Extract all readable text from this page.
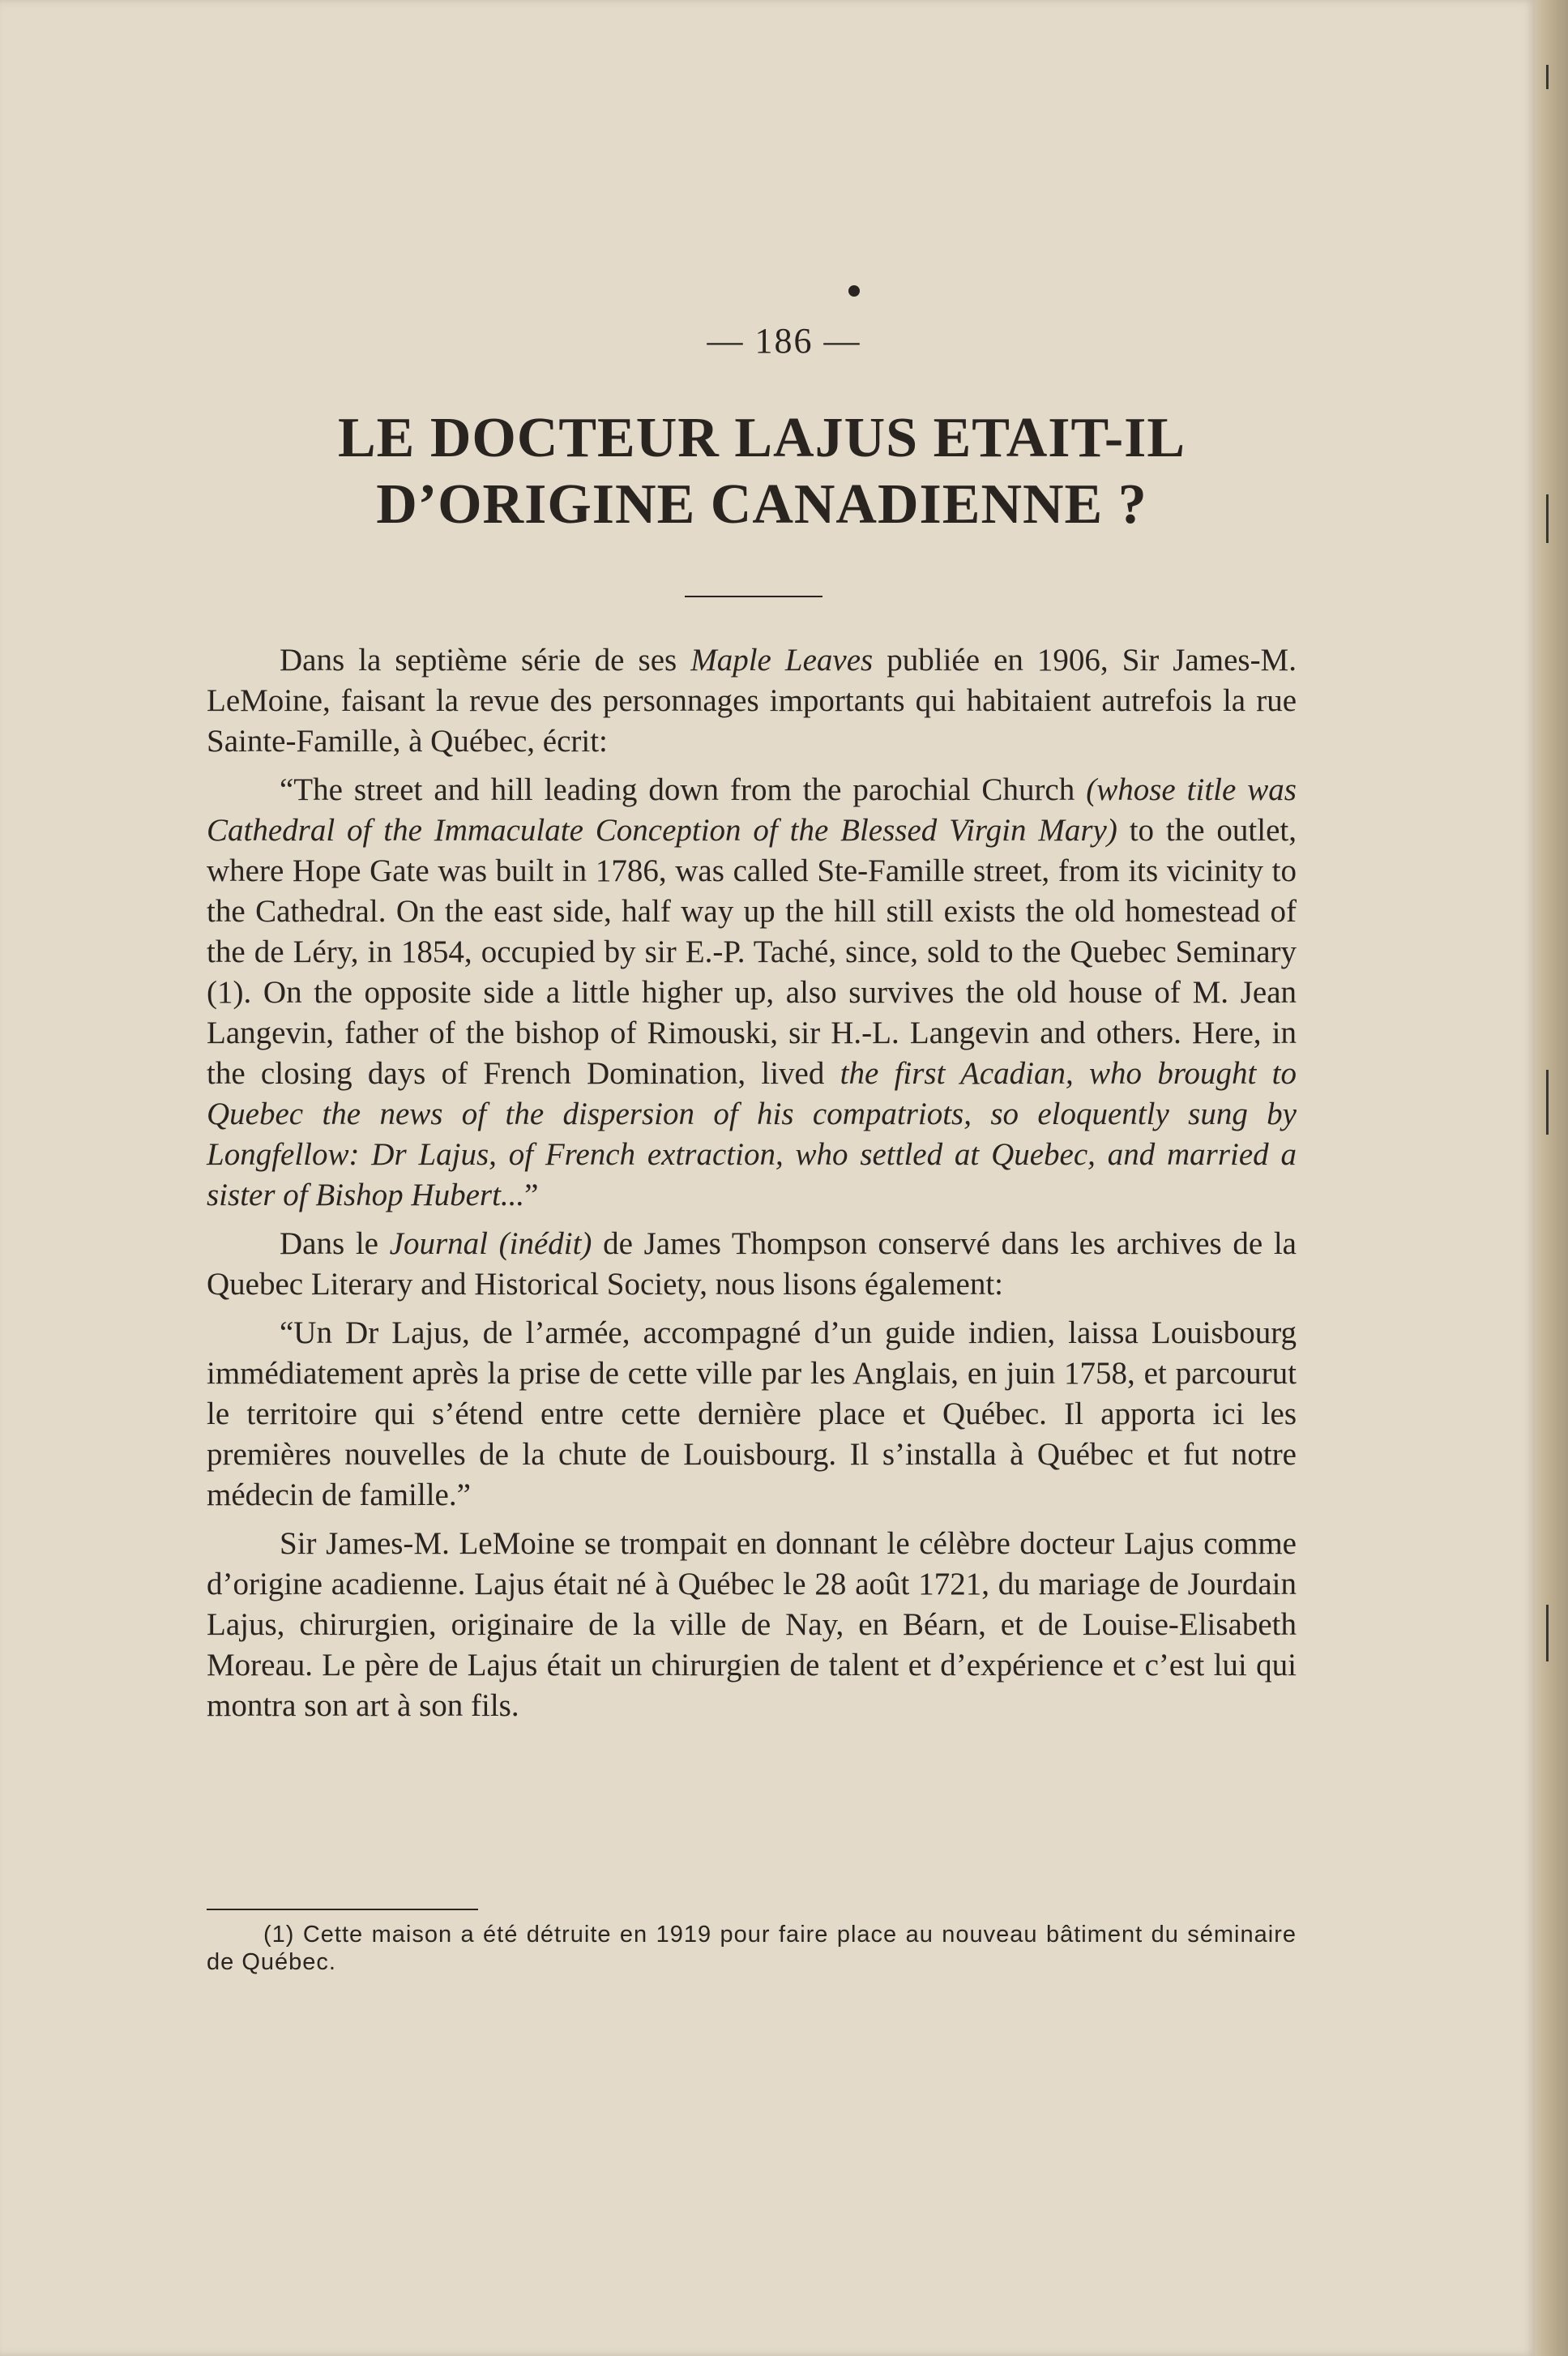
— 186 —
LE DOCTEUR LAJUS ETAIT-IL D’ORIGINE CANADIENNE ?

Dans la septième série de ses Maple Leaves publiée en 1906, Sir James-M. LeMoine, faisant la revue des personnages importants qui habitaient autrefois la rue Sainte-Famille, à Québec, écrit:

“The street and hill leading down from the parochial Church (whose title was Cathedral of the Immaculate Conception of the Blessed Virgin Mary) to the outlet, where Hope Gate was built in 1786, was called Ste-Famille street, from its vicinity to the Cathedral. On the east side, half way up the hill still exists the old homestead of the de Léry, in 1854, occupied by sir E.-P. Taché, since, sold to the Quebec Seminary (1). On the opposite side a little higher up, also survives the old house of M. Jean Langevin, father of the bishop of Rimouski, sir H.-L. Langevin and others. Here, in the closing days of French Domination, lived the first Acadian, who brought to Quebec the news of the dispersion of his compatriots, so eloquently sung by Longfellow: Dr Lajus, of French extraction, who settled at Quebec, and married a sister of Bishop Hubert...”

Dans le Journal (inédit) de James Thompson conservé dans les archives de la Quebec Literary and Historical Society, nous lisons également:

“Un Dr Lajus, de l’armée, accompagné d’un guide indien, laissa Louisbourg immédiatement après la prise de cette ville par les Anglais, en juin 1758, et parcourut le territoire qui s’étend entre cette dernière place et Québec. Il apporta ici les premières nouvelles de la chute de Louisbourg. Il s’installa à Québec et fut notre médecin de famille.”

Sir James-M. LeMoine se trompait en donnant le célèbre docteur Lajus comme d’origine acadienne. Lajus était né à Québec le 28 août 1721, du mariage de Jourdain Lajus, chirurgien, originaire de la ville de Nay, en Béarn, et de Louise-Elisabeth Moreau. Le père de Lajus était un chirurgien de talent et d’expérience et c’est lui qui montra son art à son fils.

(1) Cette maison a été détruite en 1919 pour faire place au nouveau bâtiment du séminaire de Québec.
